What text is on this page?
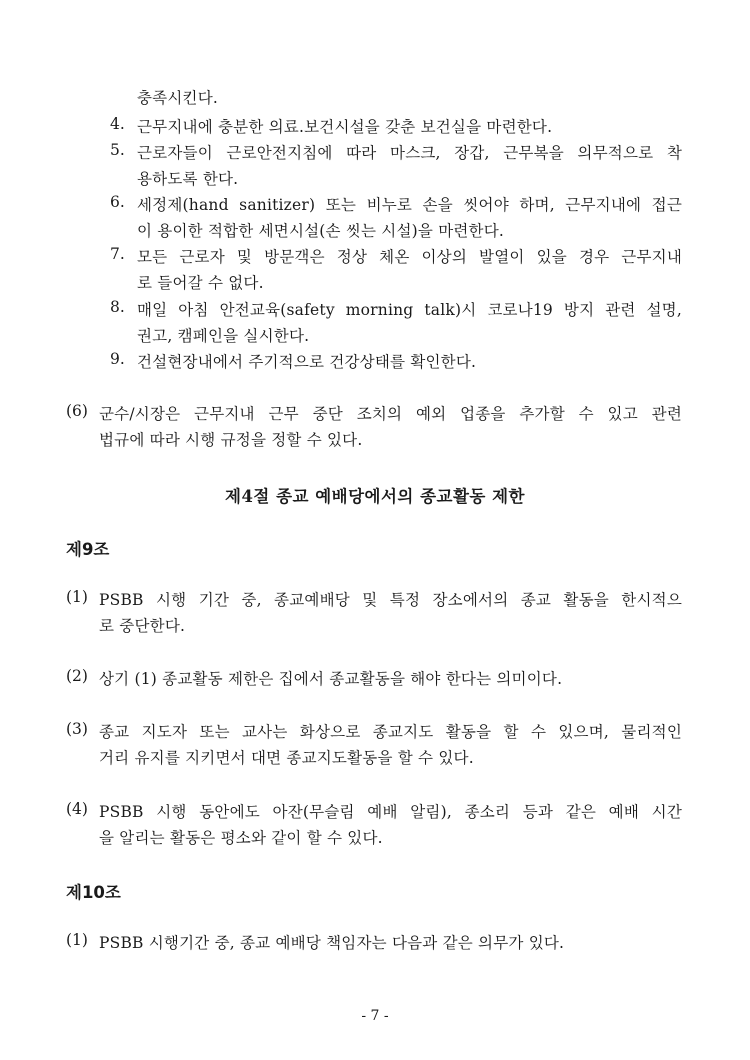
충족시킨다.
4. 근무지내에 충분한 의료.보건시설을 갖춘 보건실을 마련한다.
5. 근로자들이 근로안전지침에 따라 마스크, 장갑, 근무복을 의무적으로 착
용하도록 한다.
6. 세정제(hand sanitizer) 또는 비누로 손을 씻어야 하며, 근무지내에 접근
이 용이한 적합한 세면시설(손 씻는 시설)을 마련한다.
7. 모든 근로자 및 방문객은 정상 체온 이상의 발열이 있을 경우 근무지내
로 들어갈 수 없다.
8. 매일 아침 안전교육(safety morning talk)시 코로나19 방지 관련 설명,
권고, 캠페인을 실시한다.
9. 건설현장내에서 주기적으로 건강상태를 확인한다.
(6) 군수/시장은 근무지내 근무 중단 조치의 예외 업종을 추가할 수 있고 관련
법규에 따라 시행 규정을 정할 수 있다.
제4절 종교 예배당에서의 종교활동 제한
제9조
(1) PSBB 시행 기간 중, 종교예배당 및 특정 장소에서의 종교 활동을 한시적으
로 중단한다.
(2) 상기 (1) 종교활동 제한은 집에서 종교활동을 해야 한다는 의미이다.
(3) 종교 지도자 또는 교사는 화상으로 종교지도 활동을 할 수 있으며, 물리적인
거리 유지를 지키면서 대면 종교지도활동을 할 수 있다.
(4) PSBB 시행 동안에도 아잔(무슬림 예배 알림), 종소리 등과 같은 예배 시간
을 알리는 활동은 평소와 같이 할 수 있다.
제10조
(1) PSBB 시행기간 중, 종교 예배당 책임자는 다음과 같은 의무가 있다.
- 7 -
